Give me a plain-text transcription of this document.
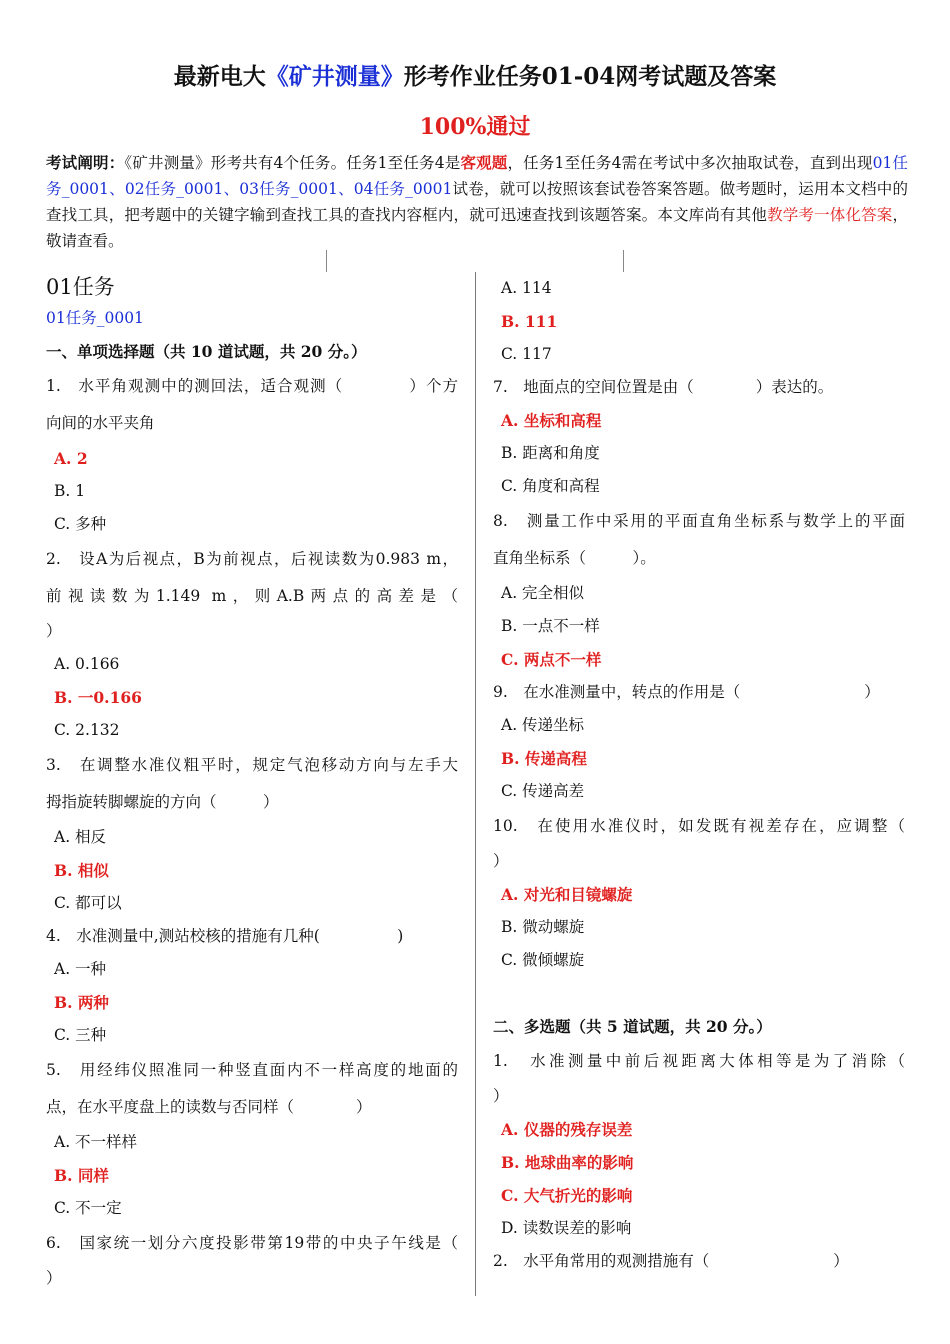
最新电大《矿井测量》形考作业任务01-04网考试题及答案
100%通过
考试阐明：《矿井测量》形考共有4个任务。任务1至任务4是客观题，任务1至任务4需在考试中多次抽取试卷，直到出现01任务_0001、02任务_0001、03任务_0001、04任务_0001试卷，就可以按照该套试卷答案答题。做考题时，运用本文档中的查找工具，把考题中的关键字输到查找工具的查找内容框内，就可迅速查找到该题答案。本文库尚有其他教学考一体化答案，敬请查看。
01任务
01任务_0001
一、单项选择题（共 10 道试题，共 20 分。）
1.　水平角观测中的测回法，适合观测（　　　　）个方
向间的水平夹角
A. 2
B. 1
C. 多种
2.　设A为后视点，B为前视点，后视读数为0.983 m，
前视读数为1.149 m，则A.B两点的高差是（
）
A. 0.166
B. 一0.166
C. 2.132
3.　在调整水准仪粗平时，规定气泡移动方向与左手大
拇指旋转脚螺旋的方向（　　　）
A. 相反
B. 相似
C. 都可以
4.　水准测量中,测站校核的措施有几种(　　　　　)
A. 一种
B. 两种
C. 三种
5.　用经纬仪照准同一种竖直面内不一样高度的地面的
点，在水平度盘上的读数与否同样（　　　　）
A. 不一样样
B. 同样
C. 不一定
6.　国家统一划分六度投影带第19带的中央子午线是（
）
A. 114
B. 111
C. 117
7.　地面点的空间位置是由（　　　　）表达的。
A. 坐标和高程
B. 距离和角度
C. 角度和高程
8.　测量工作中采用的平面直角坐标系与数学上的平面
直角坐标系（　　　）。
A. 完全相似
B. 一点不一样
C. 两点不一样
9.　在水准测量中，转点的作用是（　　　　　　　　）
A. 传递坐标
B. 传递高程
C. 传递高差
10.　在使用水准仪时，如发既有视差存在，应调整（
）
A. 对光和目镜螺旋
B. 微动螺旋
C. 微倾螺旋
二、多选题（共 5 道试题，共 20 分。）
1.　水准测量中前后视距离大体相等是为了消除（
）
A. 仪器的残存误差
B. 地球曲率的影响
C. 大气折光的影响
D. 读数误差的影响
2.　水平角常用的观测措施有（　　　　　　　　）
